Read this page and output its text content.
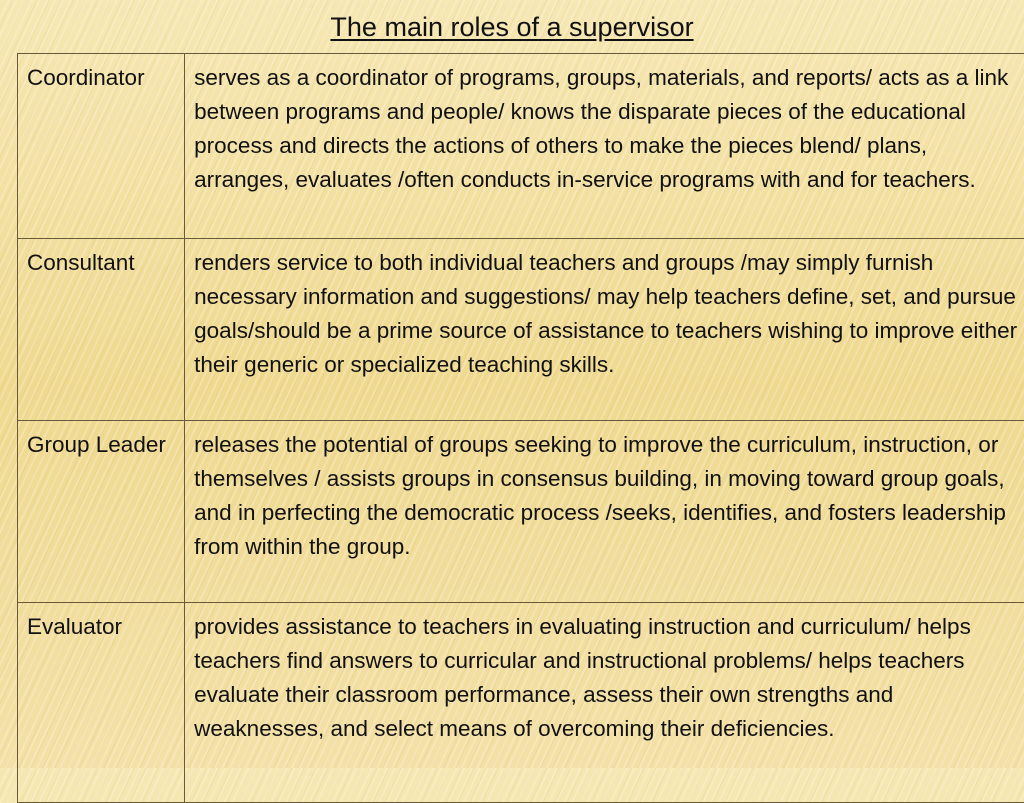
The main roles of a supervisor
Coordinator	serves as a coordinator of programs, groups, materials, and reports/ acts as a link between programs and people/ knows the disparate pieces of the educational process and directs the actions of others to make the pieces blend/ plans, arranges, evaluates /often conducts in-service programs with and for teachers.
Consultant	renders service to both individual teachers and groups /may simply furnish necessary information and suggestions/ may help teachers define, set, and pursue goals/should be a prime source of assistance to teachers wishing to improve either their generic or specialized teaching skills.
Group Leader	releases the potential of groups seeking to improve the curriculum, instruction, or themselves / assists groups in consensus building, in moving toward group goals, and in perfecting the democratic process /seeks, identifies, and fosters leadership from within the group.
Evaluator	provides assistance to teachers in evaluating instruction and curriculum/ helps teachers find answers to curricular and instructional problems/ helps teachers evaluate their classroom performance, assess their own strengths and weaknesses, and select means of overcoming their deficiencies.
